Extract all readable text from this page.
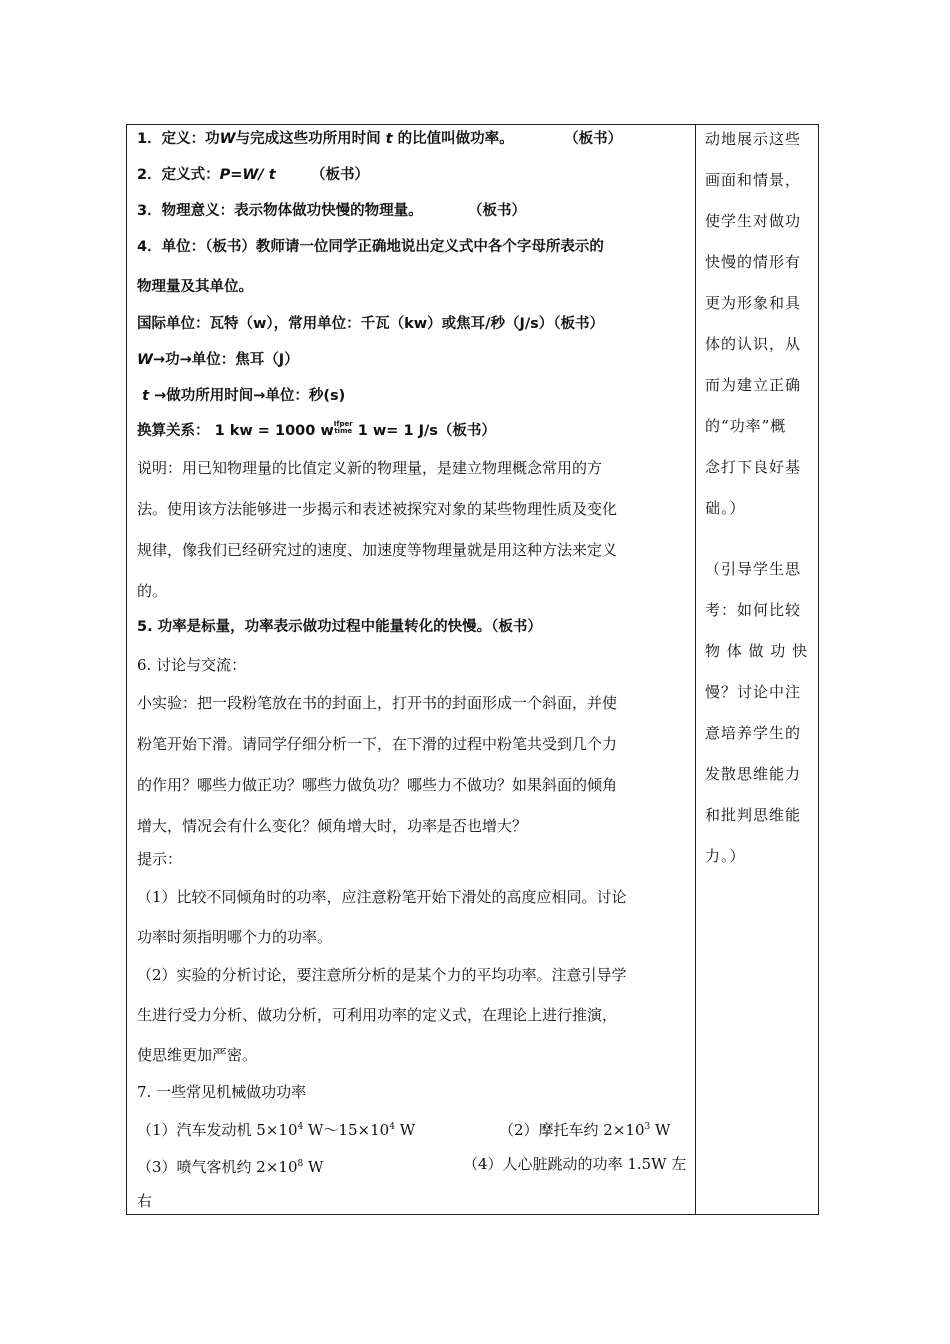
1．定义：功W与完成这些功所用时间 t 的比值叫做功率。	（板书）
2．定义式：P=W/ t （板书）
3．物理意义：表示物体做功快慢的物理量。	（板书）
4．单位：（板书）教师请一位同学正确地说出定义式中各个字母所表示的
物理量及其单位。
国际单位：瓦特（w），常用单位：千瓦（kw）或焦耳/秒（J/s）（板书）
W→功→单位：焦耳（J）
t →做功所用时间→单位：秒(s)
换算关系： 1 kw = 1000 wIfper
time 1 w= 1 J/s（板书）
说明：用已知物理量的比值定义新的物理量，是建立物理概念常用的方
法。使用该方法能够进一步揭示和表述被探究对象的某些物理性质及变化
规律，像我们已经研究过的速度、加速度等物理量就是用这种方法来定义
的。
5. 功率是标量，功率表示做功过程中能量转化的快慢。（板书）
6. 讨论与交流：
小实验：把一段粉笔放在书的封面上，打开书的封面形成一个斜面，并使
粉笔开始下滑。请同学仔细分析一下，在下滑的过程中粉笔共受到几个力
的作用？哪些力做正功？哪些力做负功？哪些力不做功？如果斜面的倾角
增大，情况会有什么变化？倾角增大时，功率是否也增大？
提示：
（1）比较不同倾角时的功率，应注意粉笔开始下滑处的高度应相同。讨论
功率时须指明哪个力的功率。
（2）实验的分析讨论，要注意所分析的是某个力的平均功率。注意引导学
生进行受力分析、做功分析，可利用功率的定义式，在理论上进行推演，
使思维更加严密。
7. 一些常见机械做功功率
（1）汽车发动机 $5\times 10^4$ $W\sim 15\times 10^4$ W	（2）摩托车约 $2\times 10^3$ W
（3）喷气客机约 $2\times 10^8$ W	（4）人心脏跳动的功率 1.5W 左
右
动地展示这些
画面和情景，
使学生对做功
快慢的情形有
更为形象和具
体的认识，从
而为建立正确
的“功率”概
念打下良好基
础。）
（引导学生思
考：如何比较
物 体 做 功 快
慢？讨论中注
意培养学生的
发散思维能力
和批判思维能
力。）
